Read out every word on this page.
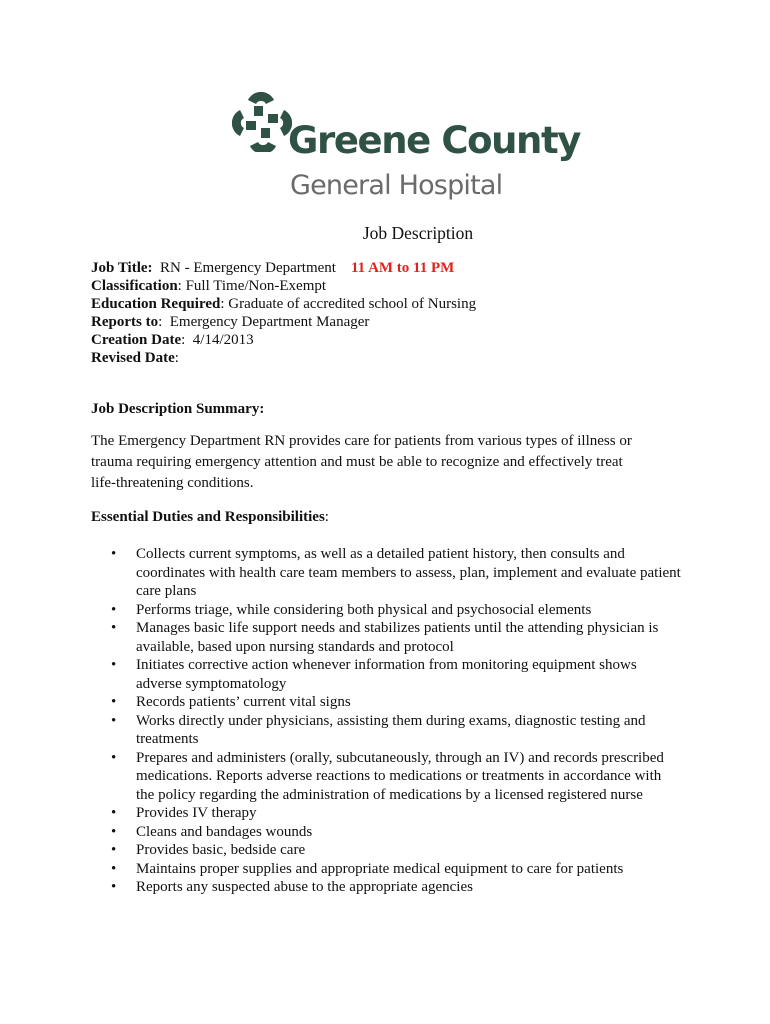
Greene County
General Hospital
Job Description
Job Title: RN - Emergency Department 11 AM to 11 PM
Classification: Full Time/Non-Exempt
Education Required: Graduate of accredited school of Nursing
Reports to:  Emergency Department Manager
Creation Date:  4/14/2013
Revised Date:
Job Description Summary:
The Emergency Department RN provides care for patients from various types of illness or trauma requiring emergency attention and must be able to recognize and effectively treat life-threatening conditions.
Essential Duties and Responsibilities:
• Collects current symptoms, as well as a detailed patient history, then consults and coordinates with health care team members to assess, plan, implement and evaluate patient care plans
• Performs triage, while considering both physical and psychosocial elements
• Manages basic life support needs and stabilizes patients until the attending physician is available, based upon nursing standards and protocol
• Initiates corrective action whenever information from monitoring equipment shows adverse symptomatology
• Records patients’ current vital signs
• Works directly under physicians, assisting them during exams, diagnostic testing and treatments
• Prepares and administers (orally, subcutaneously, through an IV) and records prescribed medications. Reports adverse reactions to medications or treatments in accordance with the policy regarding the administration of medications by a licensed registered nurse
• Provides IV therapy
• Cleans and bandages wounds
• Provides basic, bedside care
• Maintains proper supplies and appropriate medical equipment to care for patients
• Reports any suspected abuse to the appropriate agencies
